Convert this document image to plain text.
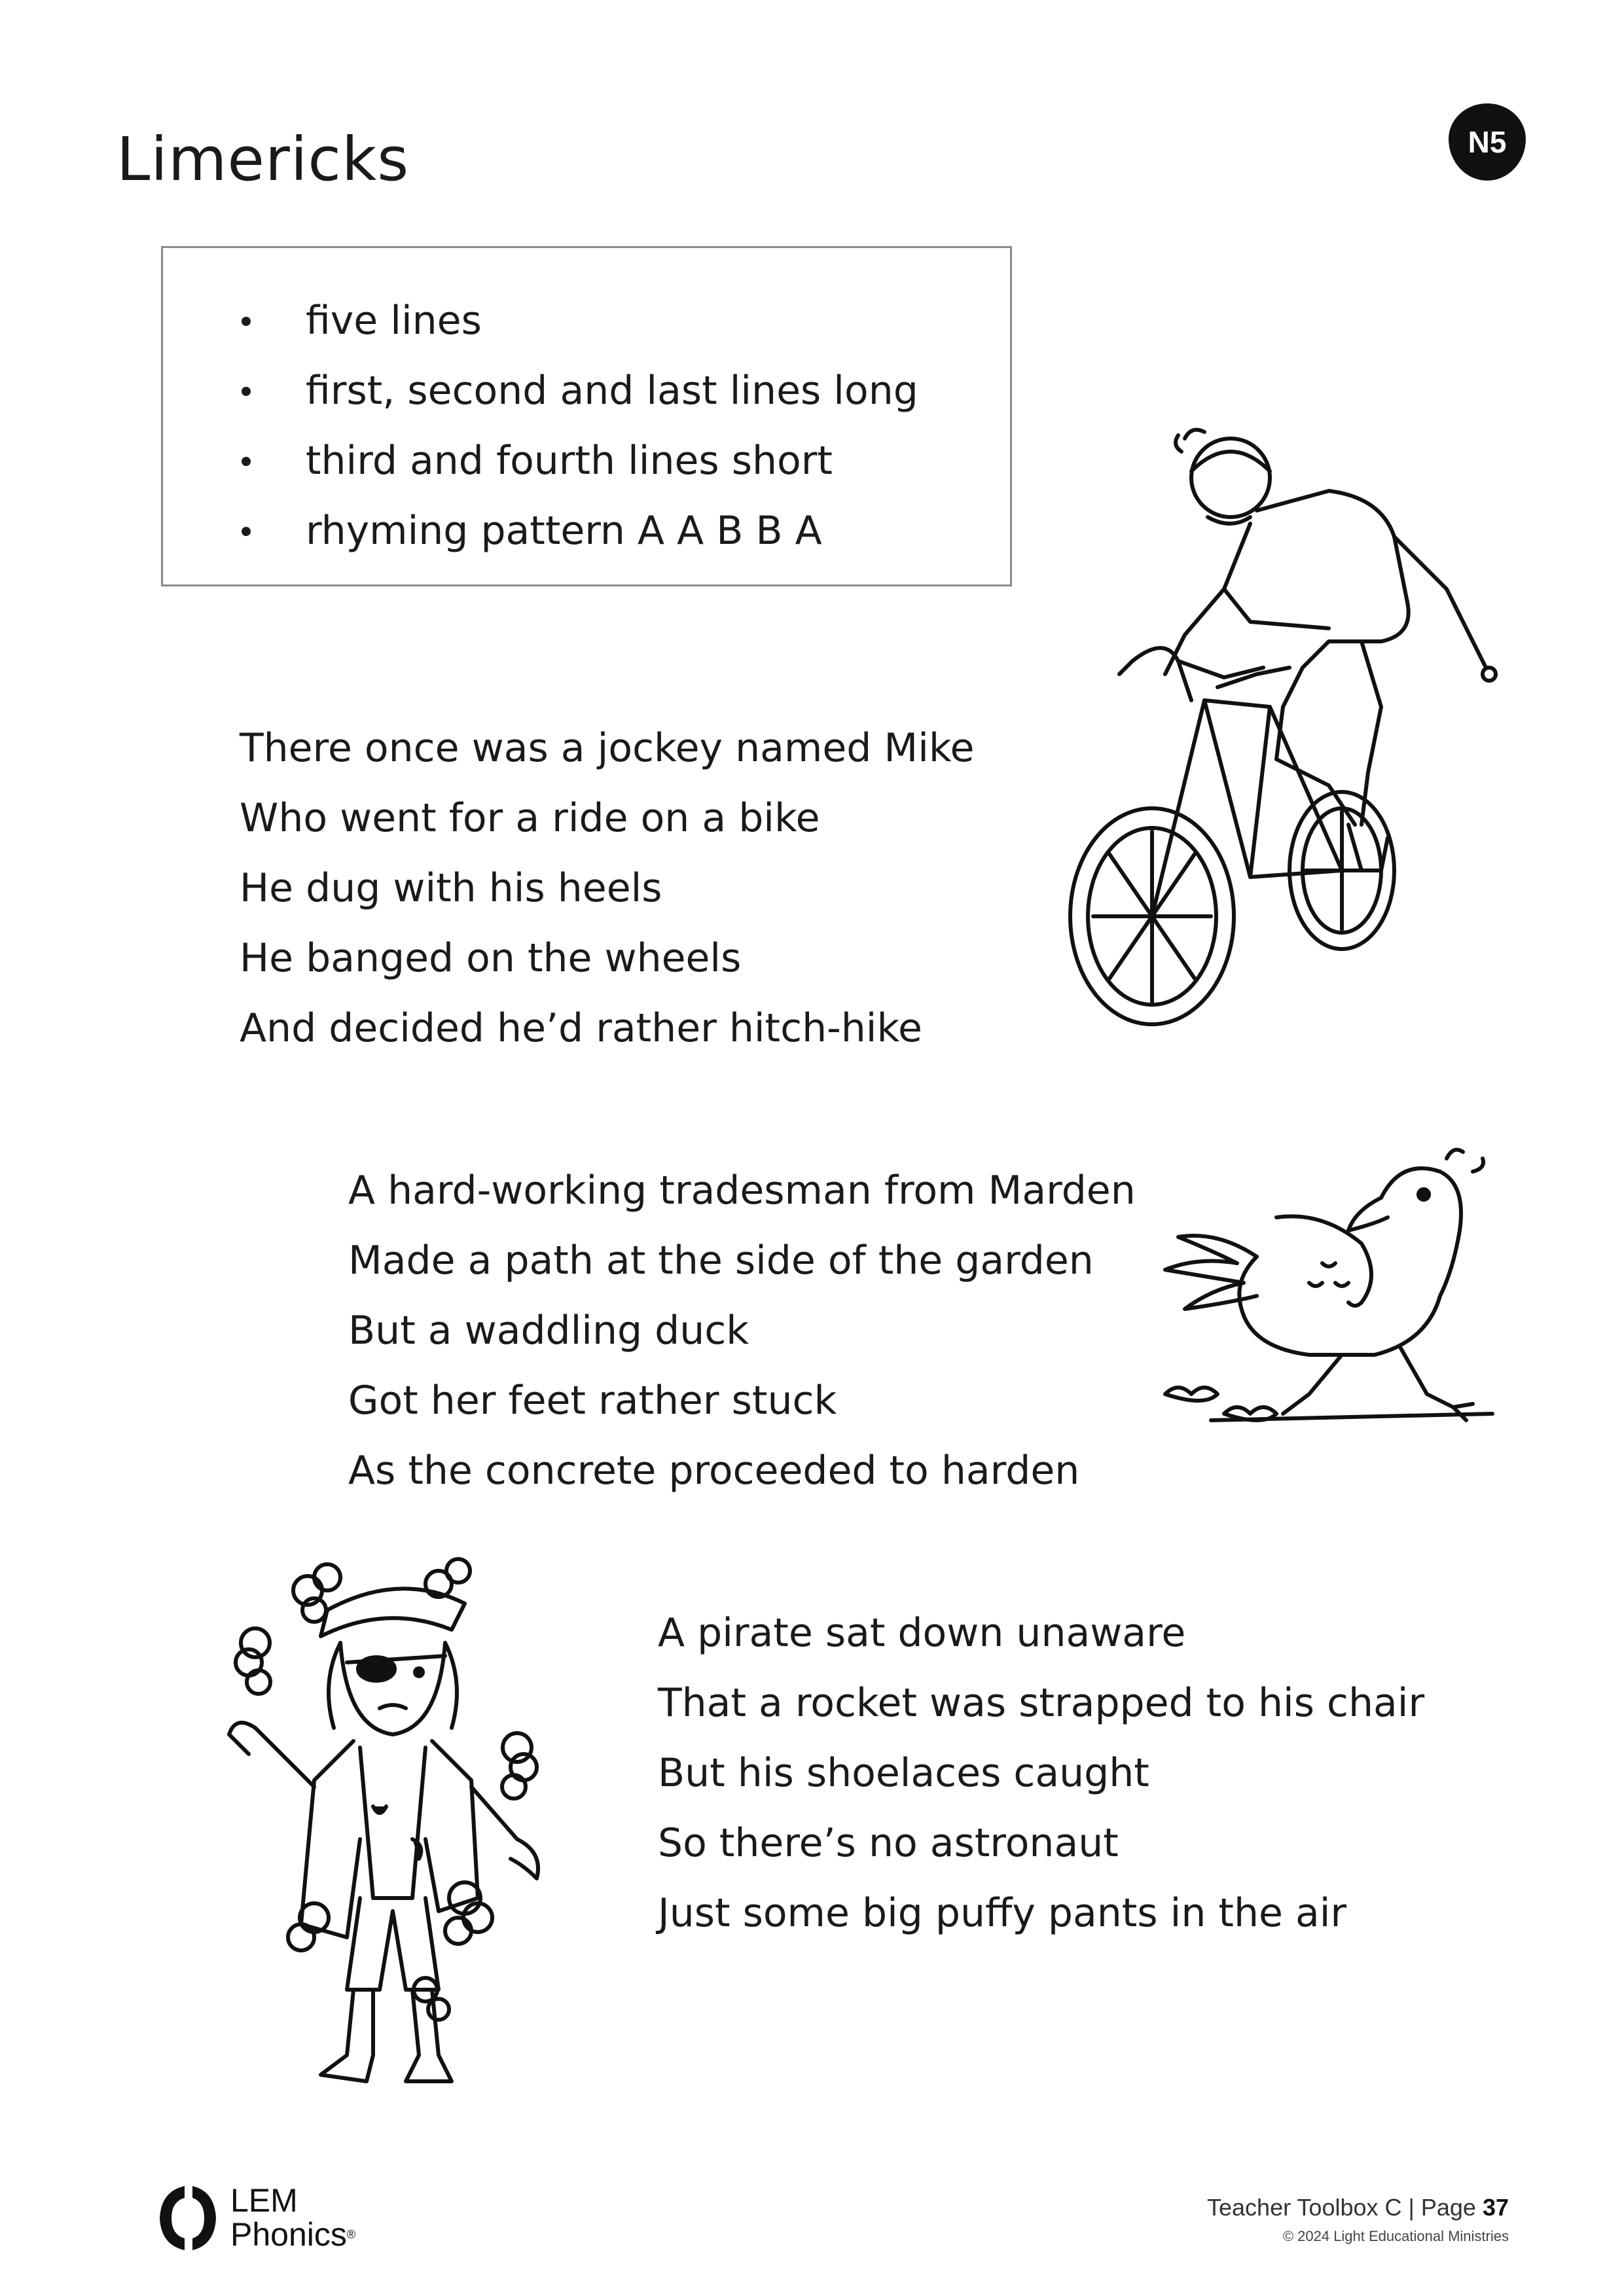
Limericks	N5
five lines
first, second and last lines long
third and fourth lines short
rhyming pattern A A B B A
There once was a jockey named Mike
Who went for a ride on a bike
He dug with his heels
He banged on the wheels
And decided he’d rather hitch-hike
A hard-working tradesman from Marden
Made a path at the side of the garden
But a waddling duck
Got her feet rather stuck
As the concrete proceeded to harden
A pirate sat down unaware
That a rocket was strapped to his chair
But his shoelaces caught
So there’s no astronaut
Just some big puffy pants in the air
LEM
Phonics®
Teacher Toolbox C | Page 37
© 2024 Light Educational Ministries
